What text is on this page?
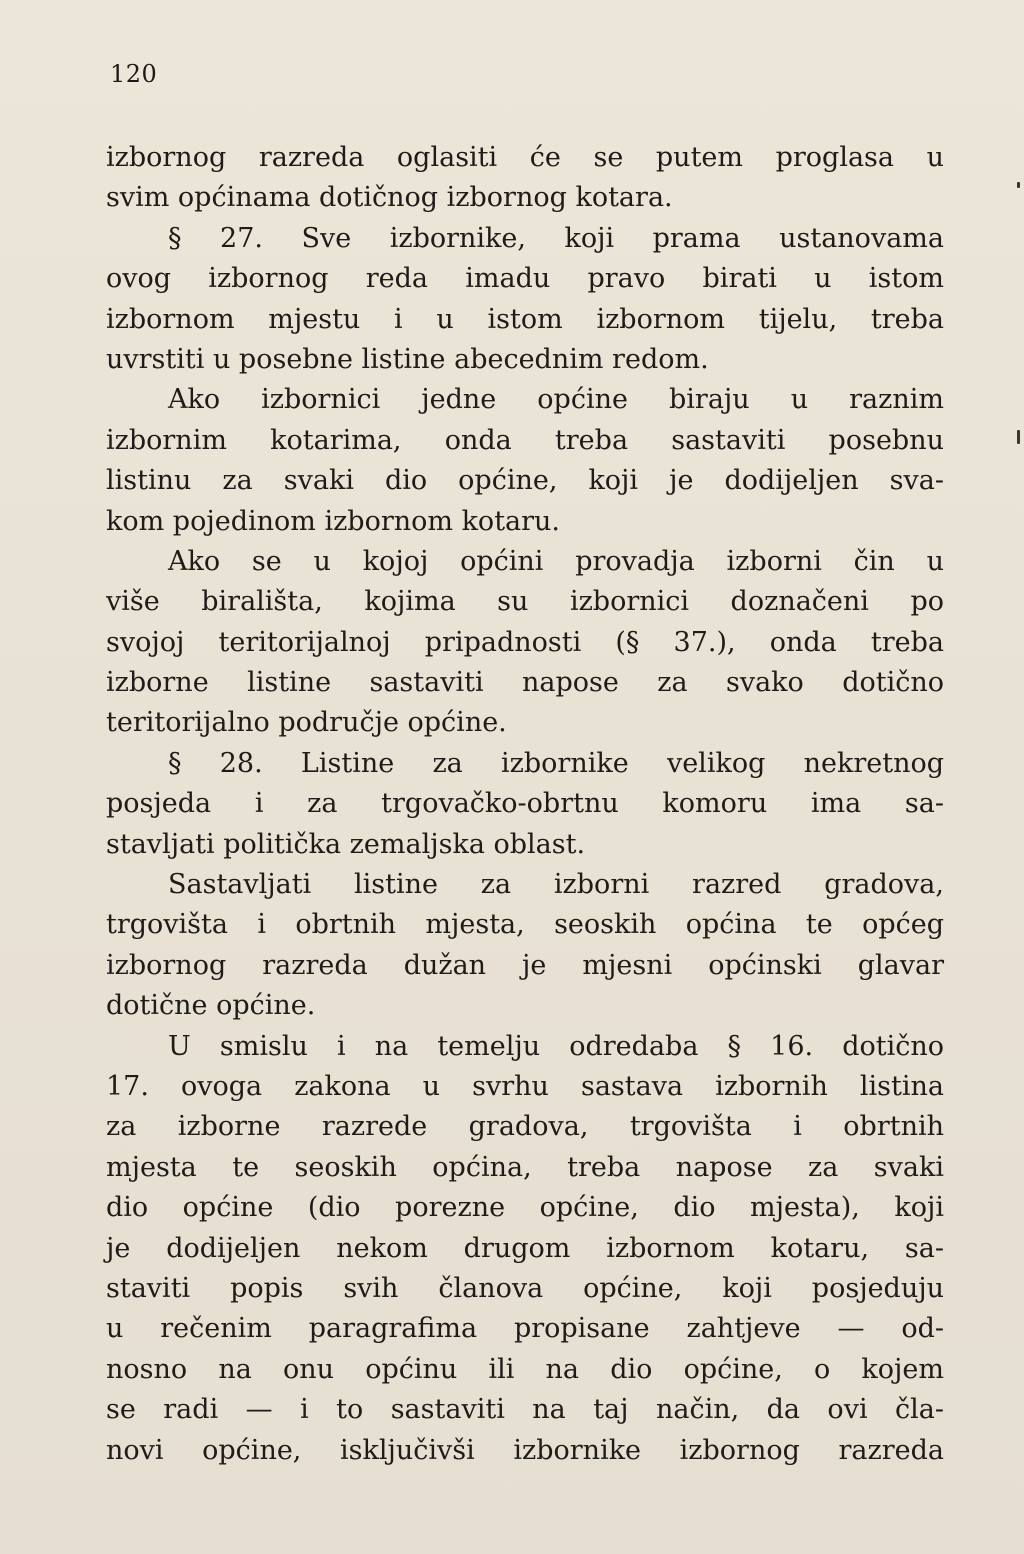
120
izbornog razreda oglasiti će se putem proglasa u
svim općinama dotičnog izbornog kotara.
§ 27. Sve izbornike, koji prama ustanovama
ovog izbornog reda imadu pravo birati u istom
izbornom mjestu i u istom izbornom tijelu, treba
uvrstiti u posebne listine abecednim redom.
Ako izbornici jedne općine biraju u raznim
izbornim kotarima, onda treba sastaviti posebnu
listinu za svaki dio općine, koji je dodijeljen sva-
kom pojedinom izbornom kotaru.
Ako se u kojoj općini provadja izborni čin u
više birališta, kojima su izbornici doznačeni po
svojoj teritorijalnoj pripadnosti (§ 37.), onda treba
izborne listine sastaviti napose za svako dotično
teritorijalno područje općine.
§ 28. Listine za izbornike velikog nekretnog
posjeda i za trgovačko-obrtnu komoru ima sa-
stavljati politička zemaljska oblast.
Sastavljati listine za izborni razred gradova,
trgovišta i obrtnih mjesta, seoskih općina te općeg
izbornog razreda dužan je mjesni općinski glavar
dotične općine.
U smislu i na temelju odredaba § 16. dotično
17. ovoga zakona u svrhu sastava izbornih listina
za izborne razrede gradova, trgovišta i obrtnih
mjesta te seoskih općina, treba napose za svaki
dio općine (dio porezne općine, dio mjesta), koji
je dodijeljen nekom drugom izbornom kotaru, sa-
staviti popis svih članova općine, koji posjeduju
u rečenim paragrafima propisane zahtjeve — od-
nosno na onu općinu ili na dio općine, o kojem
se radi — i to sastaviti na taj način, da ovi čla-
novi općine, isključivši izbornike izbornog razreda
